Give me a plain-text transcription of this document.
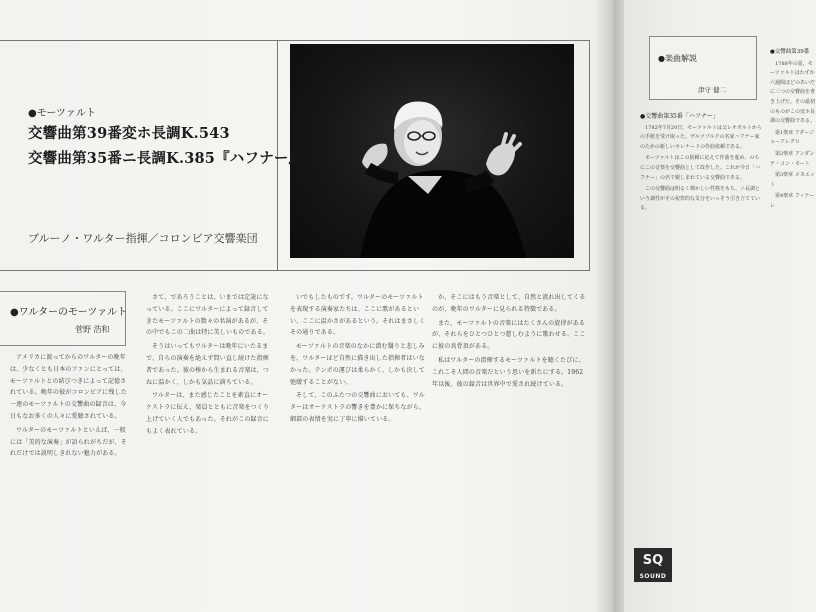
●モーツァルト
交響曲第39番変ホ長調K.543
交響曲第35番ニ長調K.385『ハフナー』
ブルーノ・ワルター指揮／コロンビア交響楽団
●ワルターのモーツァルト
菅野 浩和

アメリカに渡ってからのワルターの晩年は、少なくとも日本のファンにとっては、モーツァルトとの結びつきによって記憶されている。晩年の彼がコロンビアに残した一連のモーツァルトの交響曲の録音は、今日もなお多くの人々に愛聴されている。

ワルターのモーツァルトといえば、一般には「美的な演奏」が語られがちだが、それだけでは説明しきれない魅力がある。

さて、であろうことは、いまでは定説になっている。ここにワルターによって録音してきたモーツァルトの数々の名演があるが、その中でもこの二曲は特に美しいものである。

そうはいってもワルターは晩年にいたるまで、自らの演奏を絶えず問い直し続けた指揮者であった。彼の棒から生まれる音楽は、つねに温かく、しかも気品に満ちている。

ワルターは、また感じたことを素直にオーケストラに伝え、楽員とともに音楽をつくり上げていく人でもあった。それがこの録音にもよく表れている。

いでもしたものです。ワルターのモーツァルトを表現する演奏家たちは、ここに歌があるといい、ここに温かさがあるという。それはまさしくその通りである。

モーツァルトの音楽のなかに潜む翳りと悲しみを、ワルターほど自然に描き出した指揮者はいなかった。テンポの運びは柔らかく、しかも決して弛緩することがない。

そして、このふたつの交響曲においても、ワルターはオーケストラの響きを豊かに保ちながら、細部の表情を実に丁寧に描いている。

か、そこにはもう音楽として、自然と流れ出してくるのが、晩年のワルターに見られる特徴である。

また、モーツァルトの音楽にはたくさんの旋律があるが、それらをひとつひとつ慈しむように歌わせる。ここに彼の真骨頂がある。

私はワルターの指揮するモーツァルトを聴くたびに、これこそ人間の音楽だという思いを新たにする。1962年以後、彼の録音は世界中で愛され続けている。

●楽曲解説
津守 健二
●交響曲第35番「ハフナー」

1782年7月20日、モーツァルトは父レオポルトからの手紙を受け取った。ザルツブルクの名家ハフナー家のための新しいセレナードの作曲依頼である。

モーツァルトはこの依頼に応えて作曲を進め、のちにこの音楽を交響曲として改作した。これが今日「ハフナー」の名で親しまれている交響曲である。

この交響曲は明るく輝かしい性格をもち、ニ長調という調性がその祝祭的な気分をいっそう引き立てている。

●交響曲第39番

1788年の夏、モーツァルトはわずか六週間ほどのあいだに三つの交響曲を書き上げた。その最初のものがこの変ホ長調の交響曲である。

第1楽章 アダージョ—アレグロ

第2楽章 アンダンテ・コン・モート

第3楽章 メヌエット

第4楽章 フィナーレ

SQ
SOUND
